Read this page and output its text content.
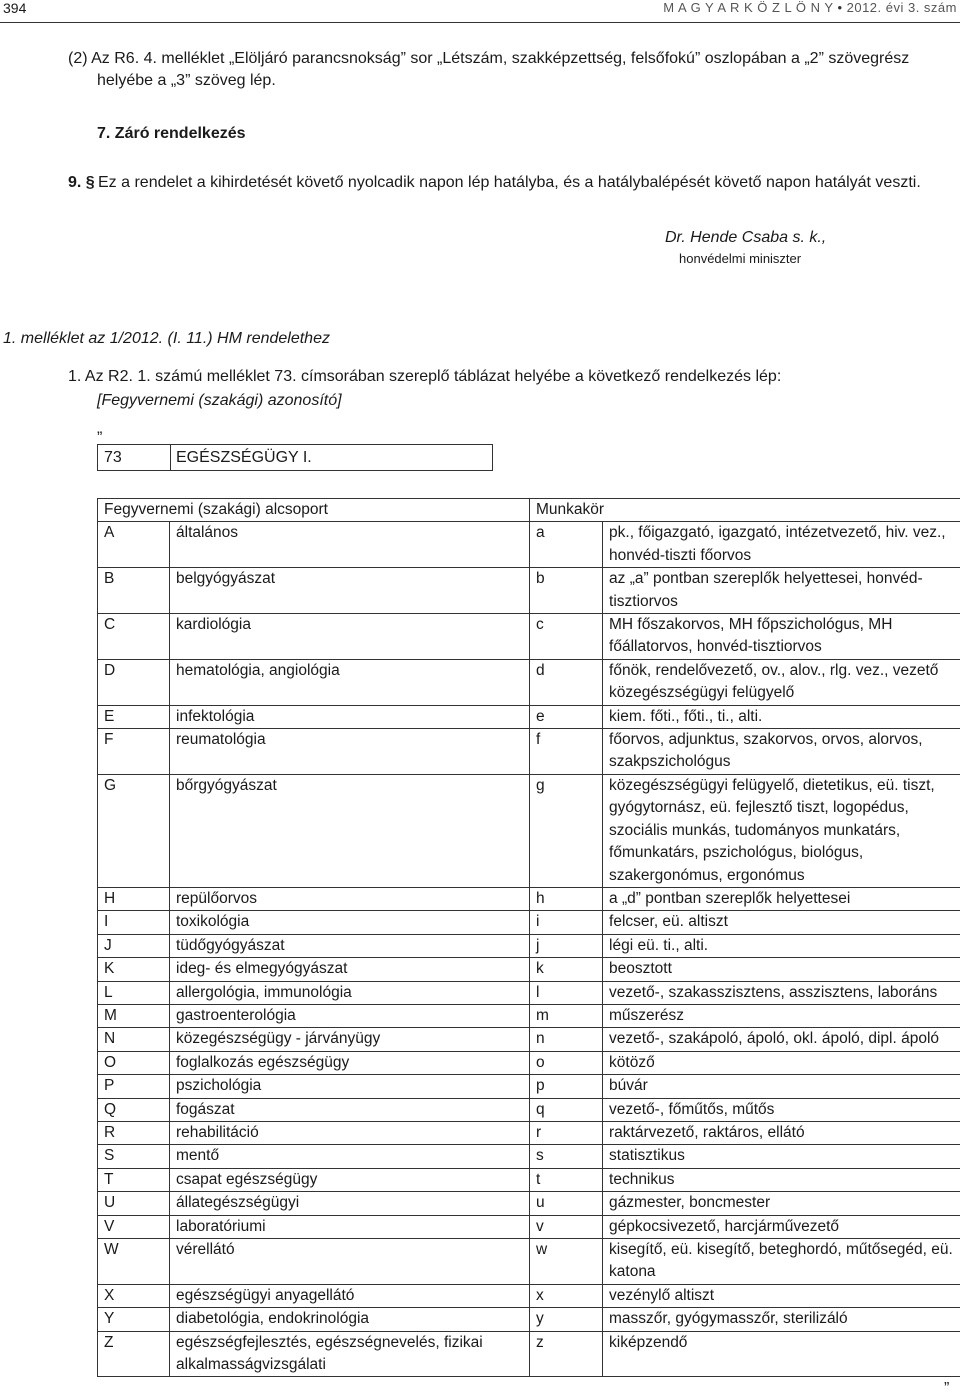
394	M A G Y A R K Ö Z L Ö N Y • 2012. évi 3. szám
(2) Az R6. 4. melléklet „Elöljáró parancsnokság” sor „Létszám, szakképzettség, felsőfokú” oszlopában a „2” szövegrész
helyébe a „3” szöveg lép.
7. Záró rendelkezés
9. § Ez a rendelet a kihirdetését követő nyolcadik napon lép hatályba, és a hatálybalépését követő napon hatályát veszti.
Dr. Hende Csaba s. k.,
honvédelmi miniszter
1. melléklet az 1/2012. (I. 11.) HM rendelethez
1. Az R2. 1. számú melléklet 73. címsorában szereplő táblázat helyébe a következő rendelkezés lép:
[Fegyvernemi (szakági) azonosító]
„
73	EGÉSZSÉGÜGY I.
Fegyvernemi (szakági) alcsoport		Munkakör	
A	általános	a	pk., főigazgató, igazgató, intézetvezető, hiv. vez., honvéd-tiszti főorvos
B	belgyógyászat	b	az „a” pontban szereplők helyettesei, honvéd-tisztiorvos
C	kardiológia	c	MH főszakorvos, MH főpszichológus, MH főállatorvos, honvéd-tisztiorvos
D	hematológia, angiológia	d	főnök, rendelővezető, ov., alov., rlg. vez., vezető közegészségügyi felügyelő
E	infektológia	e	kiem. főti., főti., ti., alti.
F	reumatológia	f	főorvos, adjunktus, szakorvos, orvos, alorvos, szakpszichológus
G	bőrgyógyászat	g	közegészségügyi felügyelő, dietetikus, eü. tiszt, gyógytornász, eü. fejlesztő tiszt, logopédus, szociális munkás, tudományos munkatárs, főmunkatárs, pszichológus, biológus, szakergonómus, ergonómus
H	repülőorvos	h	a „d” pontban szereplők helyettesei
I	toxikológia	i	felcser, eü. altiszt
J	tüdőgyógyászat	j	légi eü. ti., alti.
K	ideg- és elmegyógyászat	k	beosztott
L	allergológia, immunológia	l	vezető-, szakasszisztens, asszisztens, laboráns
M	gastroenterológia	m	műszerész
N	közegészségügy - járványügy	n	vezető-, szakápoló, ápoló, okl. ápoló, dipl. ápoló
O	foglalkozás egészségügy	o	kötöző
P	pszichológia	p	búvár
Q	fogászat	q	vezető-, főműtős, műtős
R	rehabilitáció	r	raktárvezető, raktáros, ellátó
S	mentő	s	statisztikus
T	csapat egészségügy	t	technikus
U	állategészségügyi	u	gázmester, boncmester
V	laboratóriumi	v	gépkocsivezető, harcjárművezető
W	vérellátó	w	kisegítő, eü. kisegítő, beteghordó, műtősegéd, eü. katona
X	egészségügyi anyagellátó	x	vezénylő altiszt
Y	diabetológia, endokrinológia	y	masszőr, gyógymasszőr, sterilizáló
Z	egészségfejlesztés, egészségnevelés, fizikai alkalmasságvizsgálati	z	kiképzendő
”
